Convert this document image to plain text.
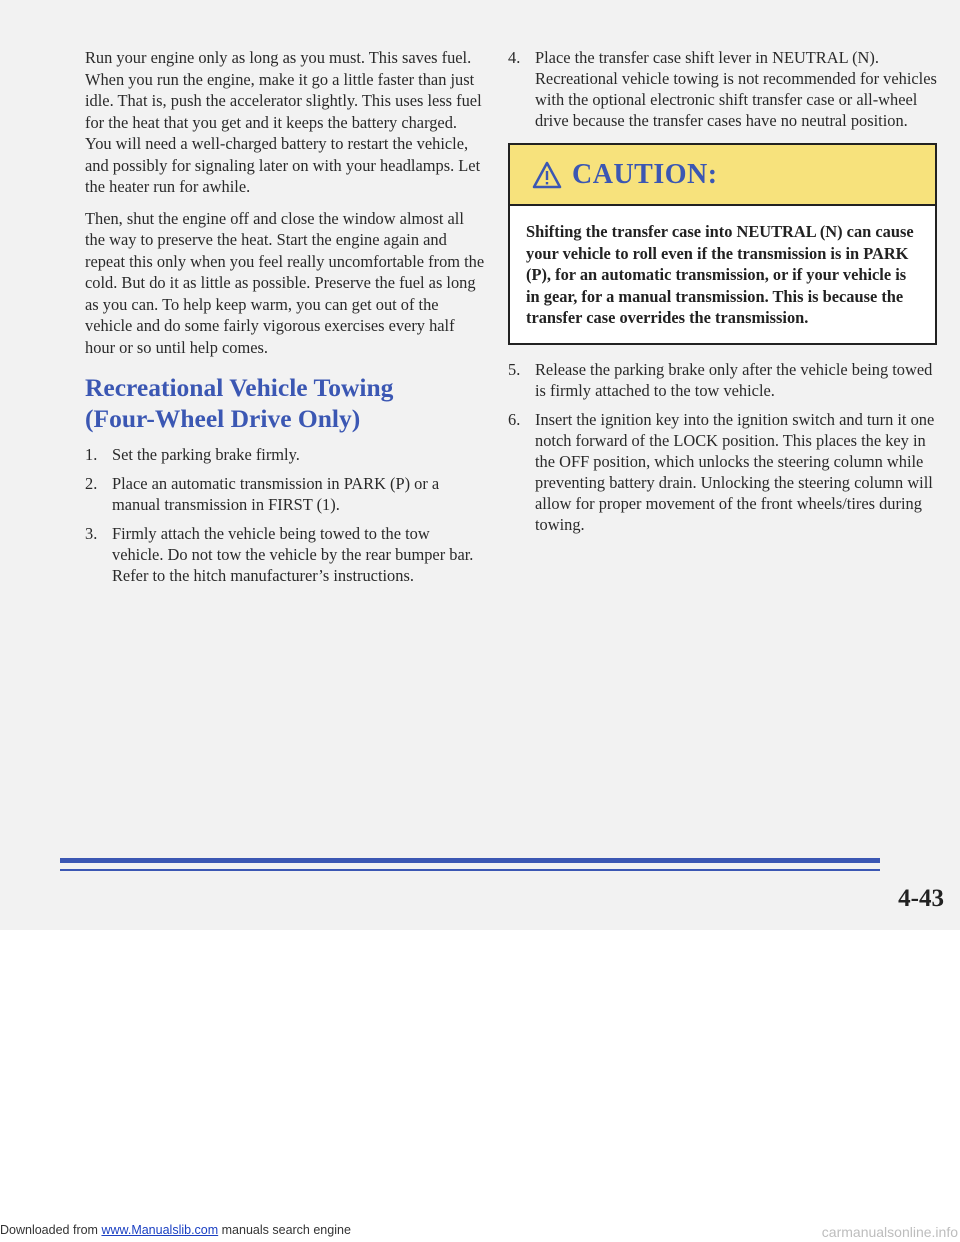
Run your engine only as long as you must. This saves fuel. When you run the engine, make it go a little faster than just idle. That is, push the accelerator slightly. This uses less fuel for the heat that you get and it keeps the battery charged. You will need a well-charged battery to restart the vehicle, and possibly for signaling later on with your headlamps. Let the heater run for awhile.

Then, shut the engine off and close the window almost all the way to preserve the heat. Start the engine again and repeat this only when you feel really uncomfortable from the cold. But do it as little as possible. Preserve the fuel as long as you can. To help keep warm, you can get out of the vehicle and do some fairly vigorous exercises every half hour or so until help comes.

Recreational Vehicle Towing
(Four-Wheel Drive Only)
1. Set the parking brake firmly.
2. Place an automatic transmission in PARK (P) or a manual transmission in FIRST (1).
3. Firmly attach the vehicle being towed to the tow vehicle. Do not tow the vehicle by the rear bumper bar. Refer to the hitch manufacturer’s instructions.
4. Place the transfer case shift lever in NEUTRAL (N). Recreational vehicle towing is not recommended for vehicles with the optional electronic shift transfer case or all-wheel drive because the transfer cases have no neutral position.
CAUTION:
Shifting the transfer case into NEUTRAL (N) can cause your vehicle to roll even if the transmission is in PARK (P), for an automatic transmission, or if your vehicle is in gear, for a manual transmission. This is because the transfer case overrides the transmission.
5. Release the parking brake only after the vehicle being towed is firmly attached to the tow vehicle.
6. Insert the ignition key into the ignition switch and turn it one notch forward of the LOCK position. This places the key in the OFF position, which unlocks the steering column while preventing battery drain. Unlocking the steering column will allow for proper movement of the front wheels/tires during towing.
4-43
Downloaded from www.Manualslib.com manuals search engine	carmanualsonline.info
